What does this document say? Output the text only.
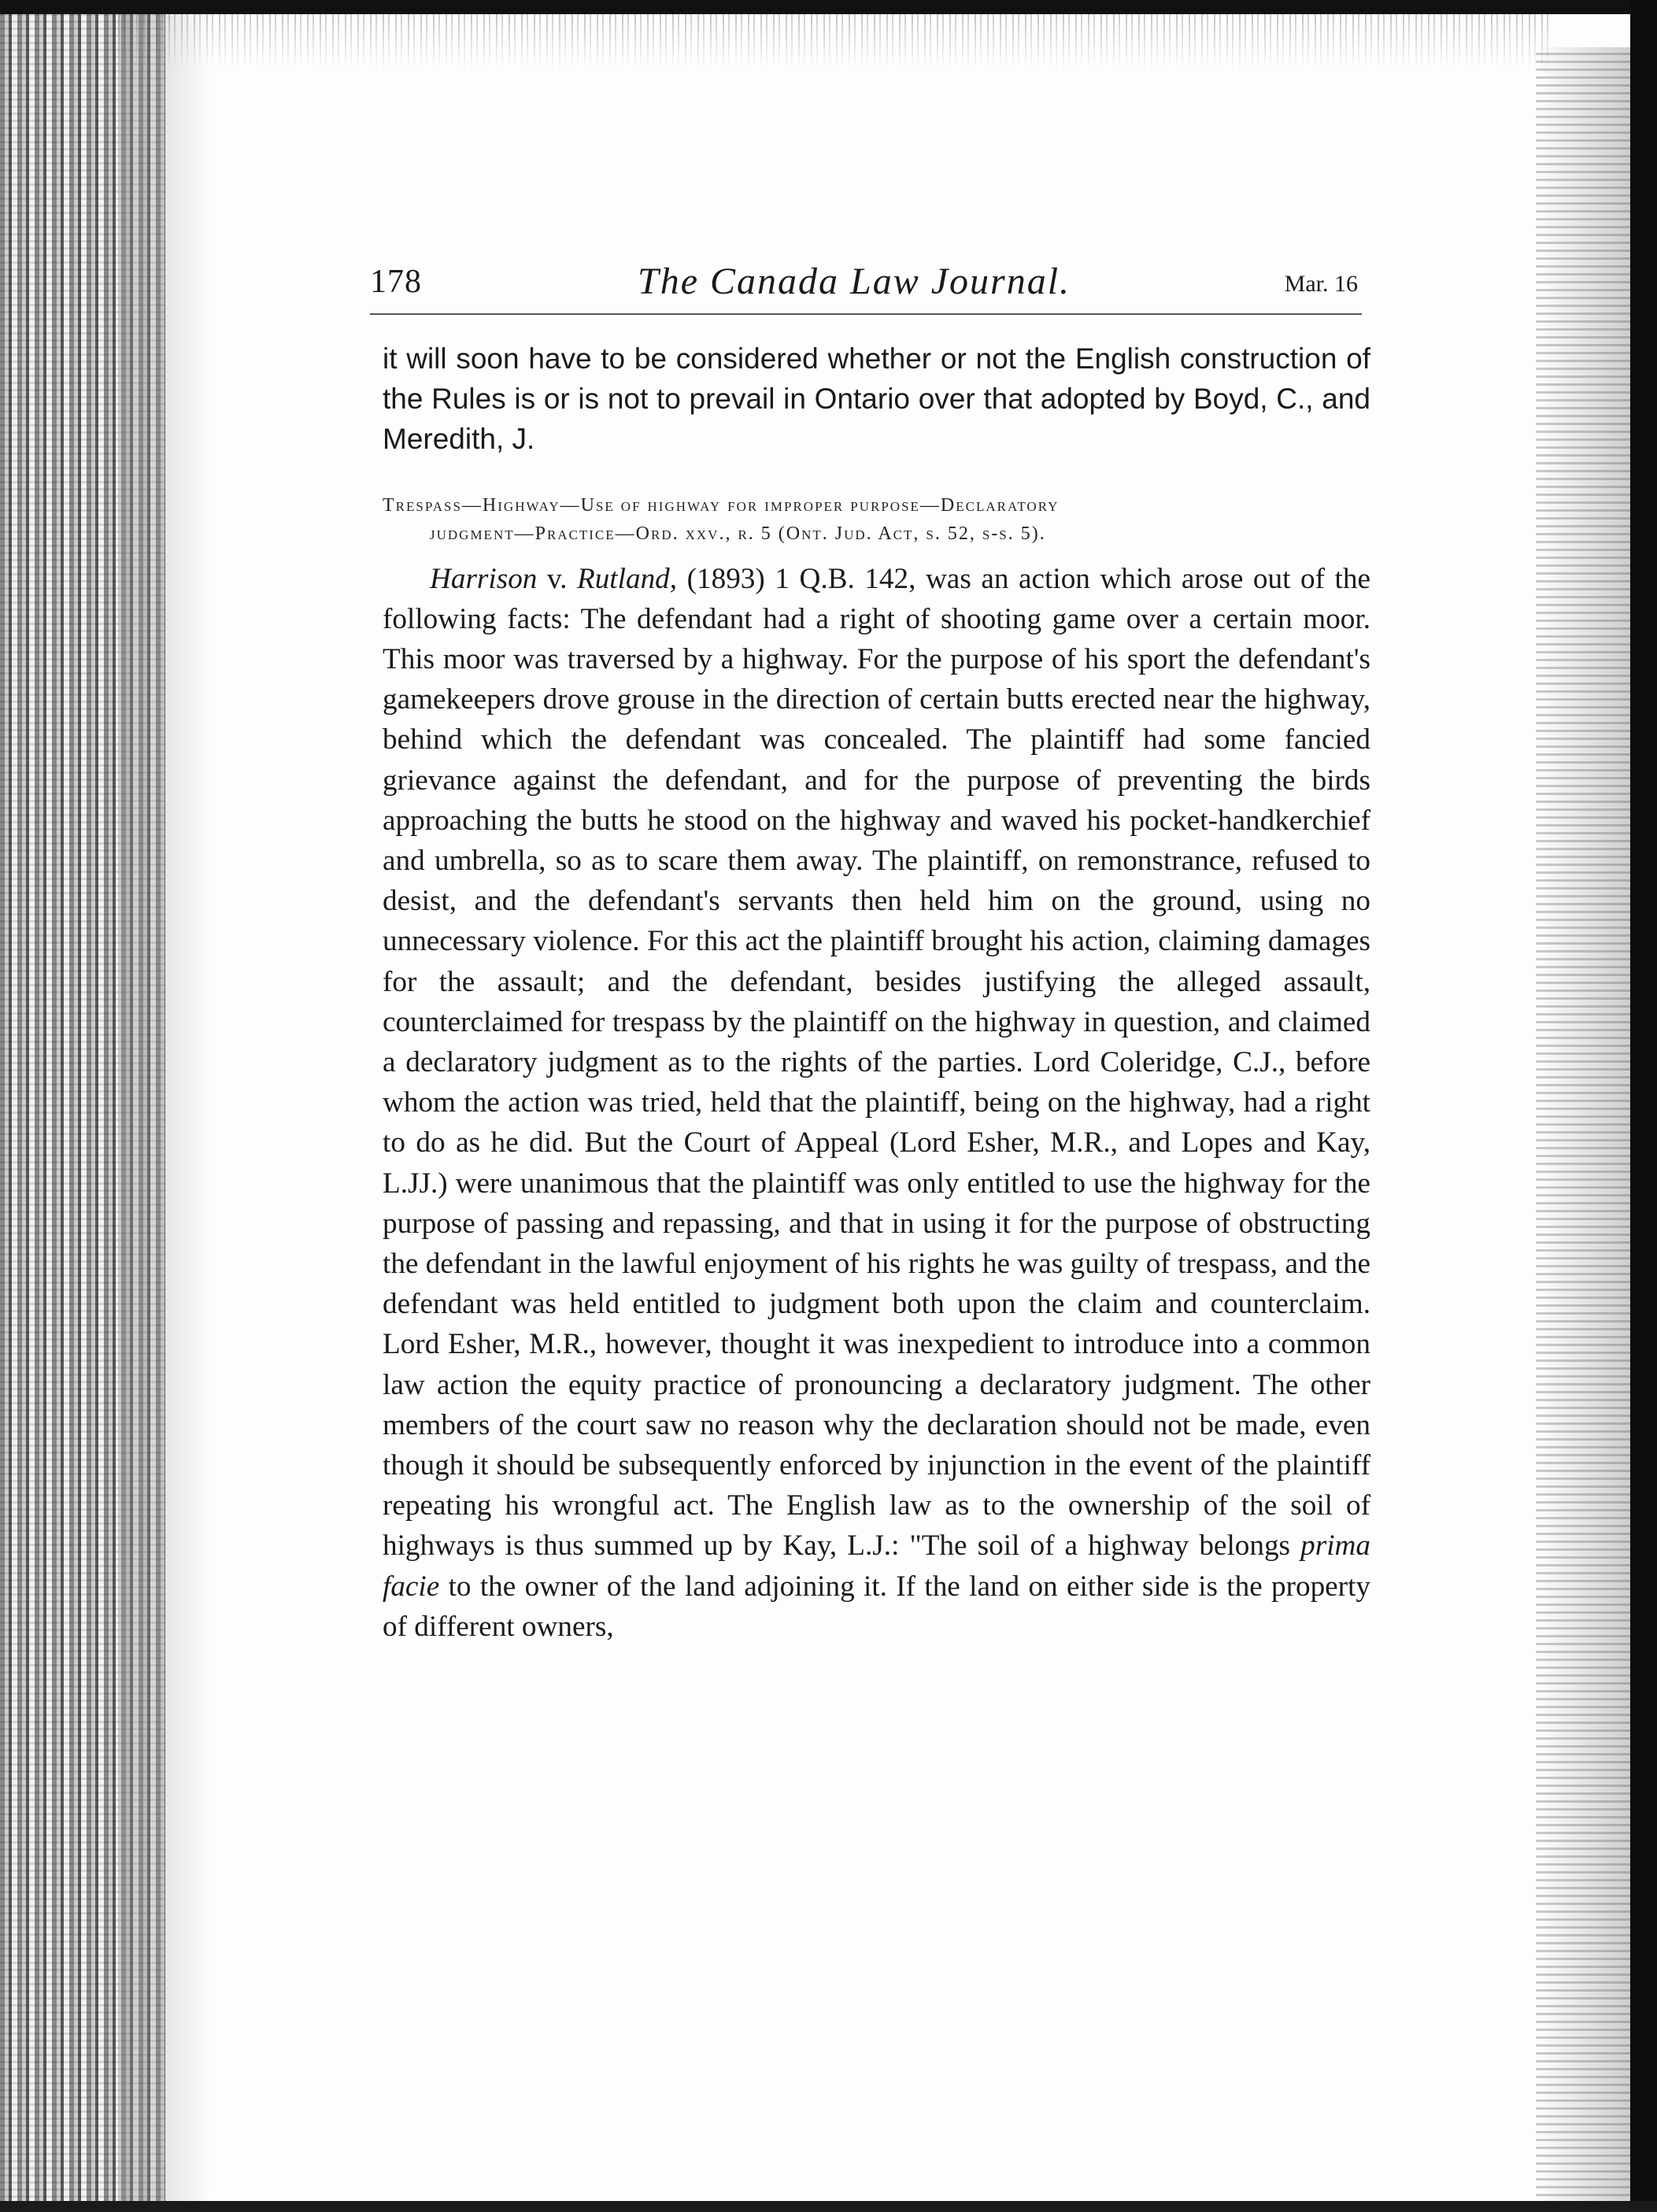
178	The Canada Law Journal.	Mar. 16

it will soon have to be considered whether or not the English construction of the Rules is or is not to prevail in Ontario over that adopted by Boyd, C., and Meredith, J.

Trespass—Highway—Use of highway for improper purpose—Declaratory
judgment—Practice—Ord. xxv., r. 5 (Ont. Jud. Act, s. 52, s-s. 5).

Harrison v. Rutland, (1893) 1 Q.B. 142, was an action which arose out of the following facts: The defendant had a right of shooting game over a certain moor. This moor was traversed by a highway. For the purpose of his sport the defendant's gamekeepers drove grouse in the direction of certain butts erected near the highway, behind which the defendant was concealed. The plaintiff had some fancied grievance against the defendant, and for the purpose of preventing the birds approaching the butts he stood on the highway and waved his pocket-handkerchief and umbrella, so as to scare them away. The plaintiff, on remonstrance, refused to desist, and the defendant's servants then held him on the ground, using no unnecessary violence. For this act the plaintiff brought his action, claiming damages for the assault; and the defendant, besides justifying the alleged assault, counterclaimed for trespass by the plaintiff on the highway in question, and claimed a declaratory judgment as to the rights of the parties. Lord Coleridge, C.J., before whom the action was tried, held that the plaintiff, being on the highway, had a right to do as he did. But the Court of Appeal (Lord Esher, M.R., and Lopes and Kay, L.JJ.) were unanimous that the plaintiff was only entitled to use the highway for the purpose of passing and repassing, and that in using it for the purpose of obstructing the defendant in the lawful enjoyment of his rights he was guilty of trespass, and the defendant was held entitled to judgment both upon the claim and counterclaim. Lord Esher, M.R., however, thought it was inexpedient to introduce into a common law action the equity practice of pronouncing a declaratory judgment. The other members of the court saw no reason why the declaration should not be made, even though it should be subsequently enforced by injunction in the event of the plaintiff repeating his wrongful act. The English law as to the ownership of the soil of highways is thus summed up by Kay, L.J.: "The soil of a highway belongs prima facie to the owner of the land adjoining it. If the land on either side is the property of different owners,
